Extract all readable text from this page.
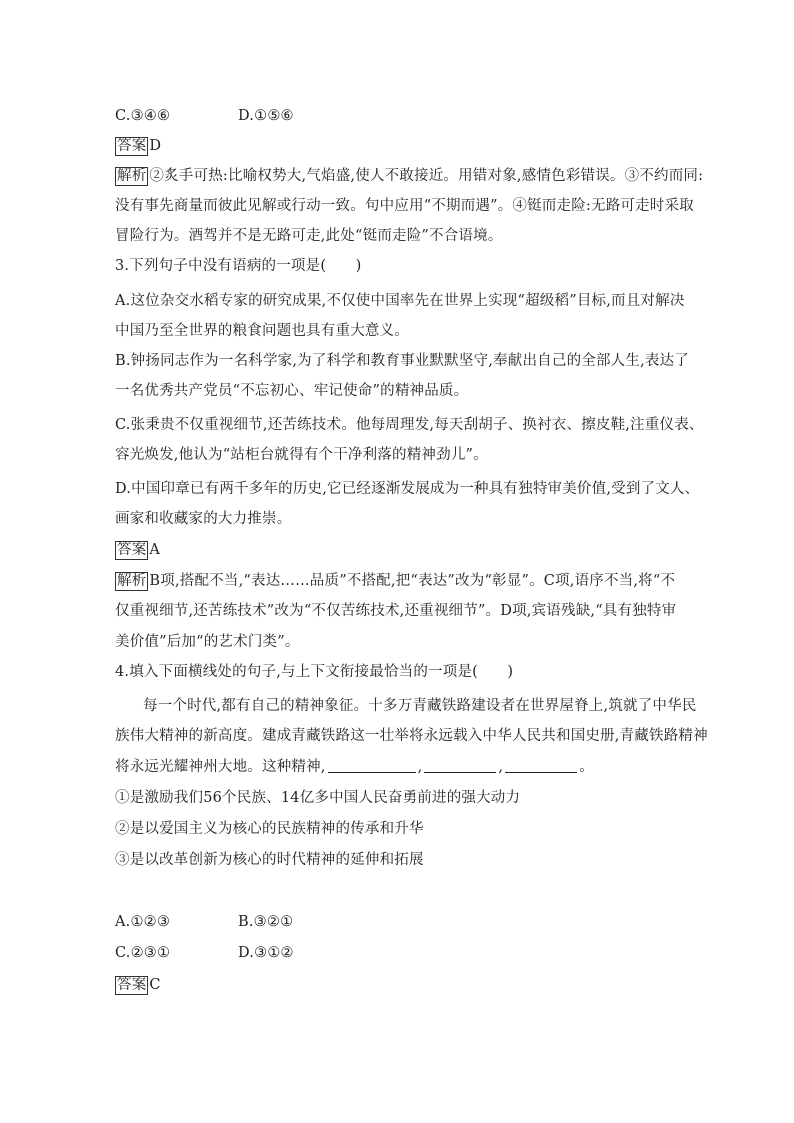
C.③④⑥	D.①⑤⑥
答案 D
解析 ②炙手可热:比喻权势大,气焰盛,使人不敢接近。用错对象,感情色彩错误。③不约而同:
没有事先商量而彼此见解或行动一致。句中应用“不期而遇”。④铤而走险:无路可走时采取
冒险行为。酒驾并不是无路可走,此处“铤而走险”不合语境。
3.下列句子中没有语病的一项是(　　)
A.这位杂交水稻专家的研究成果,不仅使中国率先在世界上实现“超级稻”目标,而且对解决
中国乃至全世界的粮食问题也具有重大意义。
B.钟扬同志作为一名科学家,为了科学和教育事业默默坚守,奉献出自己的全部人生,表达了
一名优秀共产党员“不忘初心、牢记使命”的精神品质。
C.张秉贵不仅重视细节,还苦练技术。他每周理发,每天刮胡子、换衬衣、擦皮鞋,注重仪表、
容光焕发,他认为“站柜台就得有个干净利落的精神劲儿”。
D.中国印章已有两千多年的历史,它已经逐渐发展成为一种具有独特审美价值,受到了文人、
画家和收藏家的大力推崇。
答案 A
解析 B项,搭配不当,“表达……品质”不搭配,把“表达”改为“彰显”。C项,语序不当,将“不
仅重视细节,还苦练技术”改为“不仅苦练技术,还重视细节”。D项,宾语残缺,“具有独特审
美价值”后加“的艺术门类”。
4.填入下面横线处的句子,与上下文衔接最恰当的一项是(　　)
每一个时代,都有自己的精神象征。十多万青藏铁路建设者在世界屋脊上,筑就了中华民
族伟大精神的新高度。建成青藏铁路这一壮举将永远载入中华人民共和国史册,青藏铁路精神
将永远光耀神州大地。这种精神,	,	,	。
①是激励我们56个民族、14亿多中国人民奋勇前进的强大动力
②是以爱国主义为核心的民族精神的传承和升华
③是以改革创新为核心的时代精神的延伸和拓展
A.①②③	B.③②①
C.②③①	D.③①②
答案 C
